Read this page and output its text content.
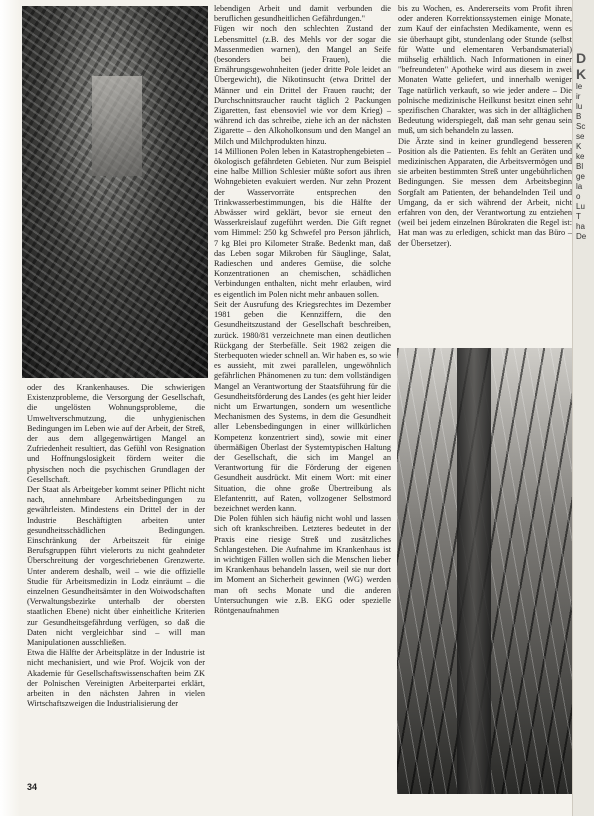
oder des Krankenhauses. Die schwierigen Existenzprobleme, die Versorgung der Gesellschaft, die ungelösten Wohnungsprobleme, die Umweltverschmutzung, die unhygienischen Bedingungen im Leben wie auf der Arbeit, der Streß, der aus dem allgegenwärtigen Mangel an Zufriedenheit resultiert, das Gefühl von Resignation und Hoffnungslosigkeit fördern weiter die physischen noch die psychischen Grundlagen der Gesellschaft.
Der Staat als Arbeitgeber kommt seiner Pflicht nicht nach, annehmbare Arbeitsbedingungen zu gewährleisten. Mindestens ein Drittel der in der Industrie Beschäftigten arbeiten unter gesundheitsschädlichen Bedingungen. Einschränkung der Arbeitszeit für einige Berufsgruppen führt vielerorts zu nicht geahndeter Überschreitung der vorgeschriebenen Grenzwerte. Unter anderem deshalb, weil – wie die offizielle Studie für Arbeitsmedizin in Lodz einräumt – die einzelnen Gesundheitsämter in den Woiwodschaften (Verwaltungsbezirke unterhalb der obersten staatlichen Ebene) nicht über einheitliche Kriterien zur Gesundheitsgefährdung verfügen, so daß die Daten nicht vergleichbar sind – will man Manipulationen ausschließen.
Etwa die Hälfte der Arbeitsplätze in der Industrie ist nicht mechanisiert, und wie Prof. Wojcik von der Akademie für Gesellschaftswissenschaften beim ZK der Polnischen Vereinigten Arbeiterpartei erklärt, arbeiten in den nächsten Jahren in vielen Wirtschaftszweigen die Industrialisierung der
lebendigen Arbeit und damit verbunden die beruflichen gesundheitlichen Gefährdungen."
Fügen wir noch den schlechten Zustand der Lebensmittel (z.B. des Mehls vor der sogar die Massenmedien warnen), den Mangel an Seife (besonders bei Frauen), die Ernährungsgewohnheiten (jeder dritte Pole leidet an Übergewicht), die Nikotinsucht (etwa Drittel der Männer und ein Drittel der Frauen raucht; der Durchschnittsraucher raucht täglich 2 Packungen Zigaretten, fast ebensoviel wie vor dem Krieg) – während ich das schreibe, ziehe ich an der nächsten Zigarette – den Alkoholkonsum und den Mangel an Milch und Milchprodukten hinzu.
14 Millionen Polen leben in Katastrophengebieten – ökologisch gefährdeten Gebieten. Nur zum Beispiel eine halbe Million Schlesier müßte sofort aus ihren Wohngebieten evakuiert werden. Nur zehn Prozent der Wasservorräte entsprechen den Trinkwasserbestimmungen, bis die Hälfte der Abwässer wird geklärt, bevor sie erneut den Wasserkreislauf zugeführt werden. Die Gift regnet vom Himmel: 250 kg Schwefel pro Person jährlich, 7 kg Blei pro Kilometer Straße. Bedenkt man, daß das Leben sogar Mikroben für Säuglinge, Salat, Radieschen und anderes Gemüse, die solche Konzentrationen an chemischen, schädlichen Verbindungen enthalten, nicht mehr erlauben, wird es eigentlich im Polen nicht mehr anbauen sollen.
Seit der Ausrufung des Kriegsrechtes im Dezember 1981 geben die Kennziffern, die den Gesundheitszustand der Gesellschaft beschreiben, zurück. 1980/81 verzeichnete man einen deutlichen Rückgang der Sterbefälle. Seit 1982 zeigen die Sterbequoten wieder schnell an. Wir haben es, so wie es aussieht, mit zwei parallelen, ungewöhnlich gefährlichen Phänomenen zu tun: dem vollständigen Mangel an Verantwortung der Staatsführung für die Gesundheitsförderung des Landes (es geht hier leider nicht um Erwartungen, sondern um wesentliche Mechanismen des Systems, in dem die Gesundheit aller Lebensbedingungen in einer willkürlichen Kompetenz konzentriert sind), sowie mit einer übermäßigen Überlast der Systemtypischen Haltung der Gesellschaft, die sich im Mangel an Verantwortung für die Förderung der eigenen Gesundheit ausdrückt. Mit einem Wort: mit einer Situation, die ohne große Übertreibung als Elefantenritt, auf Raten, vollzogener Selbstmord bezeichnet werden kann.
Die Polen fühlen sich häufig nicht wohl und lassen sich oft krankschreiben. Letzteres bedeutet in der Praxis eine riesige Streß und zusätzliches Schlangestehen. Die Aufnahme im Krankenhaus ist in wichtigen Fällen wollen sich die Menschen lieber im Krankenhaus behandeln lassen, weil sie nur dort im Moment an Sicherheit gewinnen (WG) werden man oft sechs Monate und die anderen Untersuchungen wie z.B. EKG oder spezielle Röntgenaufnahmen
bis zu Wochen, es. Andererseits vom Profit ihren oder anderen Korrektionssystemen einige Monate, zum Kauf der einfachsten Medikamente, wenn es sie überhaupt gibt, stundenlang oder Stunde (selbst für Watte und elementaren Verbandsmaterial) mühselig erhältlich. Nach Informationen in einer "befreundeten" Apotheke wird aus diesem in zwei Monaten Watte geliefert, und innerhalb weniger Tage natürlich verkauft, so wie jeder andere – Die polnische medizinische Heilkunst besitzt einen sehr spezifischen Charakter, was sich in der alltäglichen Bedeutung widerspiegelt, daß man sehr genau sein muß, um sich behandeln zu lassen.
Die Ärzte sind in keiner grundlegend besseren Position als die Patienten. Es fehlt an Geräten und medizinischen Apparaten, die Arbeitsvermögen und sie arbeiten bestimmten Streß unter ungebührlichen Bedingungen. Sie messen dem Arbeitsbeginn Sorgfalt am Patienten, der behandelnden Teil und Umgang, da er sich während der Arbeit, nicht erfahren von den, der Verantwortung zu entziehen (weil bei jedem einzelnen Bürokraten die Regel ist: Hat man was zu erledigen, schickt man das Büro – der Übersetzer).
34
D
K
le
ir
lu
B
Sc
se
K
ke
Bl
ge
la
o
Lu
T
ha
De
